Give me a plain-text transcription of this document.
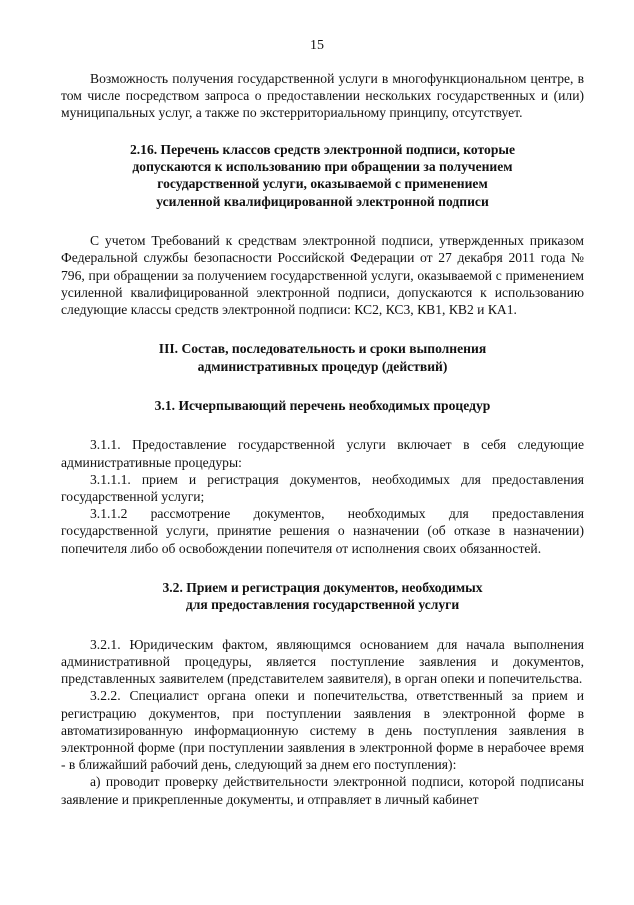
15

Возможность получения государственной услуги в многофункциональном центре, в том числе посредством запроса о предоставлении нескольких государственных и (или) муниципальных услуг, а также по экстерриториальному принципу, отсутствует.

2.16. Перечень классов средств электронной подписи, которые
допускаются к использованию при обращении за получением
государственной услуги, оказываемой с применением
усиленной квалифицированной электронной подписи

С учетом Требований к средствам электронной подписи, утвержденных приказом Федеральной службы безопасности Российской Федерации от 27 декабря 2011 года № 796, при обращении за получением государственной услуги, оказываемой с применением усиленной квалифицированной электронной подписи, допускаются к использованию следующие классы средств электронной подписи: КС2, КС3, КВ1, КВ2 и КА1.

III. Состав, последовательность и сроки выполнения
административных процедур (действий)
3.1. Исчерпывающий перечень необходимых процедур

3.1.1. Предоставление государственной услуги включает в себя следующие административные процедуры:

3.1.1.1. прием и регистрация документов, необходимых для предоставления государственной услуги;

3.1.1.2 рассмотрение документов, необходимых для предоставления государственной услуги, принятие решения о назначении (об отказе в назначении) попечителя либо об освобождении попечителя от исполнения своих обязанностей.

3.2. Прием и регистрация документов, необходимых
для предоставления государственной услуги

3.2.1. Юридическим фактом, являющимся основанием для начала выполнения административной процедуры, является поступление заявления и документов, представленных заявителем (представителем заявителя), в орган опеки и попечительства.

3.2.2. Специалист органа опеки и попечительства, ответственный за прием и регистрацию документов, при поступлении заявления в электронной форме в автоматизированную информационную систему в день поступления заявления в электронной форме (при поступлении заявления в электронной форме в нерабочее время - в ближайший рабочий день, следующий за днем его поступления):

а) проводит проверку действительности электронной подписи, которой подписаны заявление и прикрепленные документы, и отправляет в личный кабинет
